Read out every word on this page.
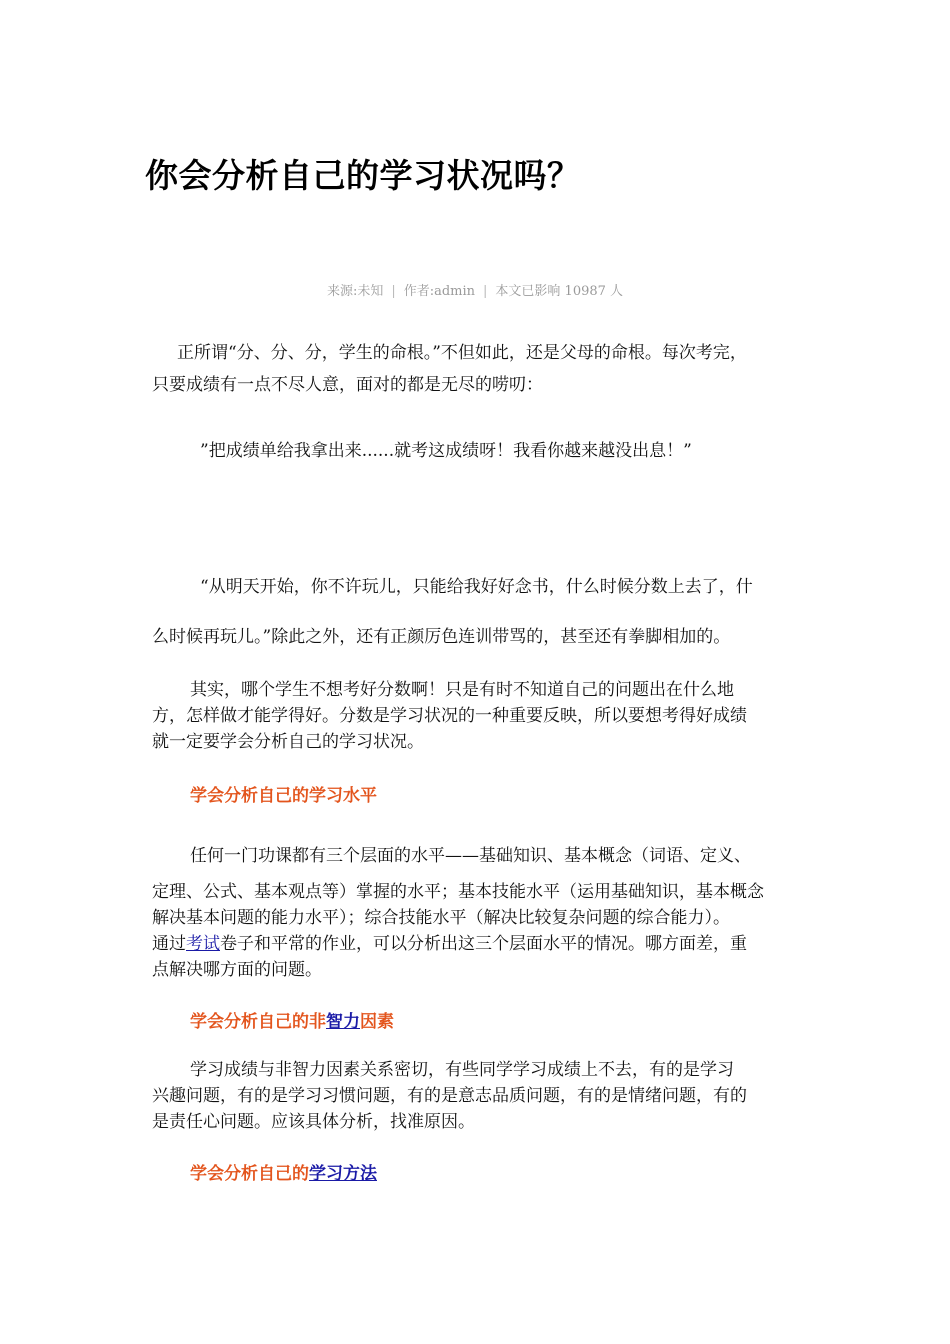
你会分析自己的学习状况吗？
来源:未知 | 作者:admin | 本文已影响 10987 人

正所谓“分、分、分，学生的命根。”不但如此，还是父母的命根。每次考完，
只要成绩有一点不尽人意，面对的都是无尽的唠叨：

”把成绩单给我拿出来......就考这成绩呀！我看你越来越没出息！”

“从明天开始，你不许玩儿，只能给我好好念书，什么时候分数上去了，什
么时候再玩儿。”除此之外，还有正颜厉色连训带骂的，甚至还有拳脚相加的。

其实，哪个学生不想考好分数啊！只是有时不知道自己的问题出在什么地
方，怎样做才能学得好。分数是学习状况的一种重要反映，所以要想考得好成绩
就一定要学会分析自己的学习状况。

学会分析自己的学习水平

任何一门功课都有三个层面的水平——基础知识、基本概念（词语、定义、
定理、公式、基本观点等）掌握的水平；基本技能水平（运用基础知识，基本概念
解决基本问题的能力水平）；综合技能水平（解决比较复杂问题的综合能力）。
通过考试卷子和平常的作业，可以分析出这三个层面水平的情况。哪方面差，重
点解决哪方面的问题。

学会分析自己的非智力因素

学习成绩与非智力因素关系密切，有些同学学习成绩上不去，有的是学习
兴趣问题，有的是学习习惯问题，有的是意志品质问题，有的是情绪问题，有的
是责任心问题。应该具体分析，找准原因。

学会分析自己的学习方法
